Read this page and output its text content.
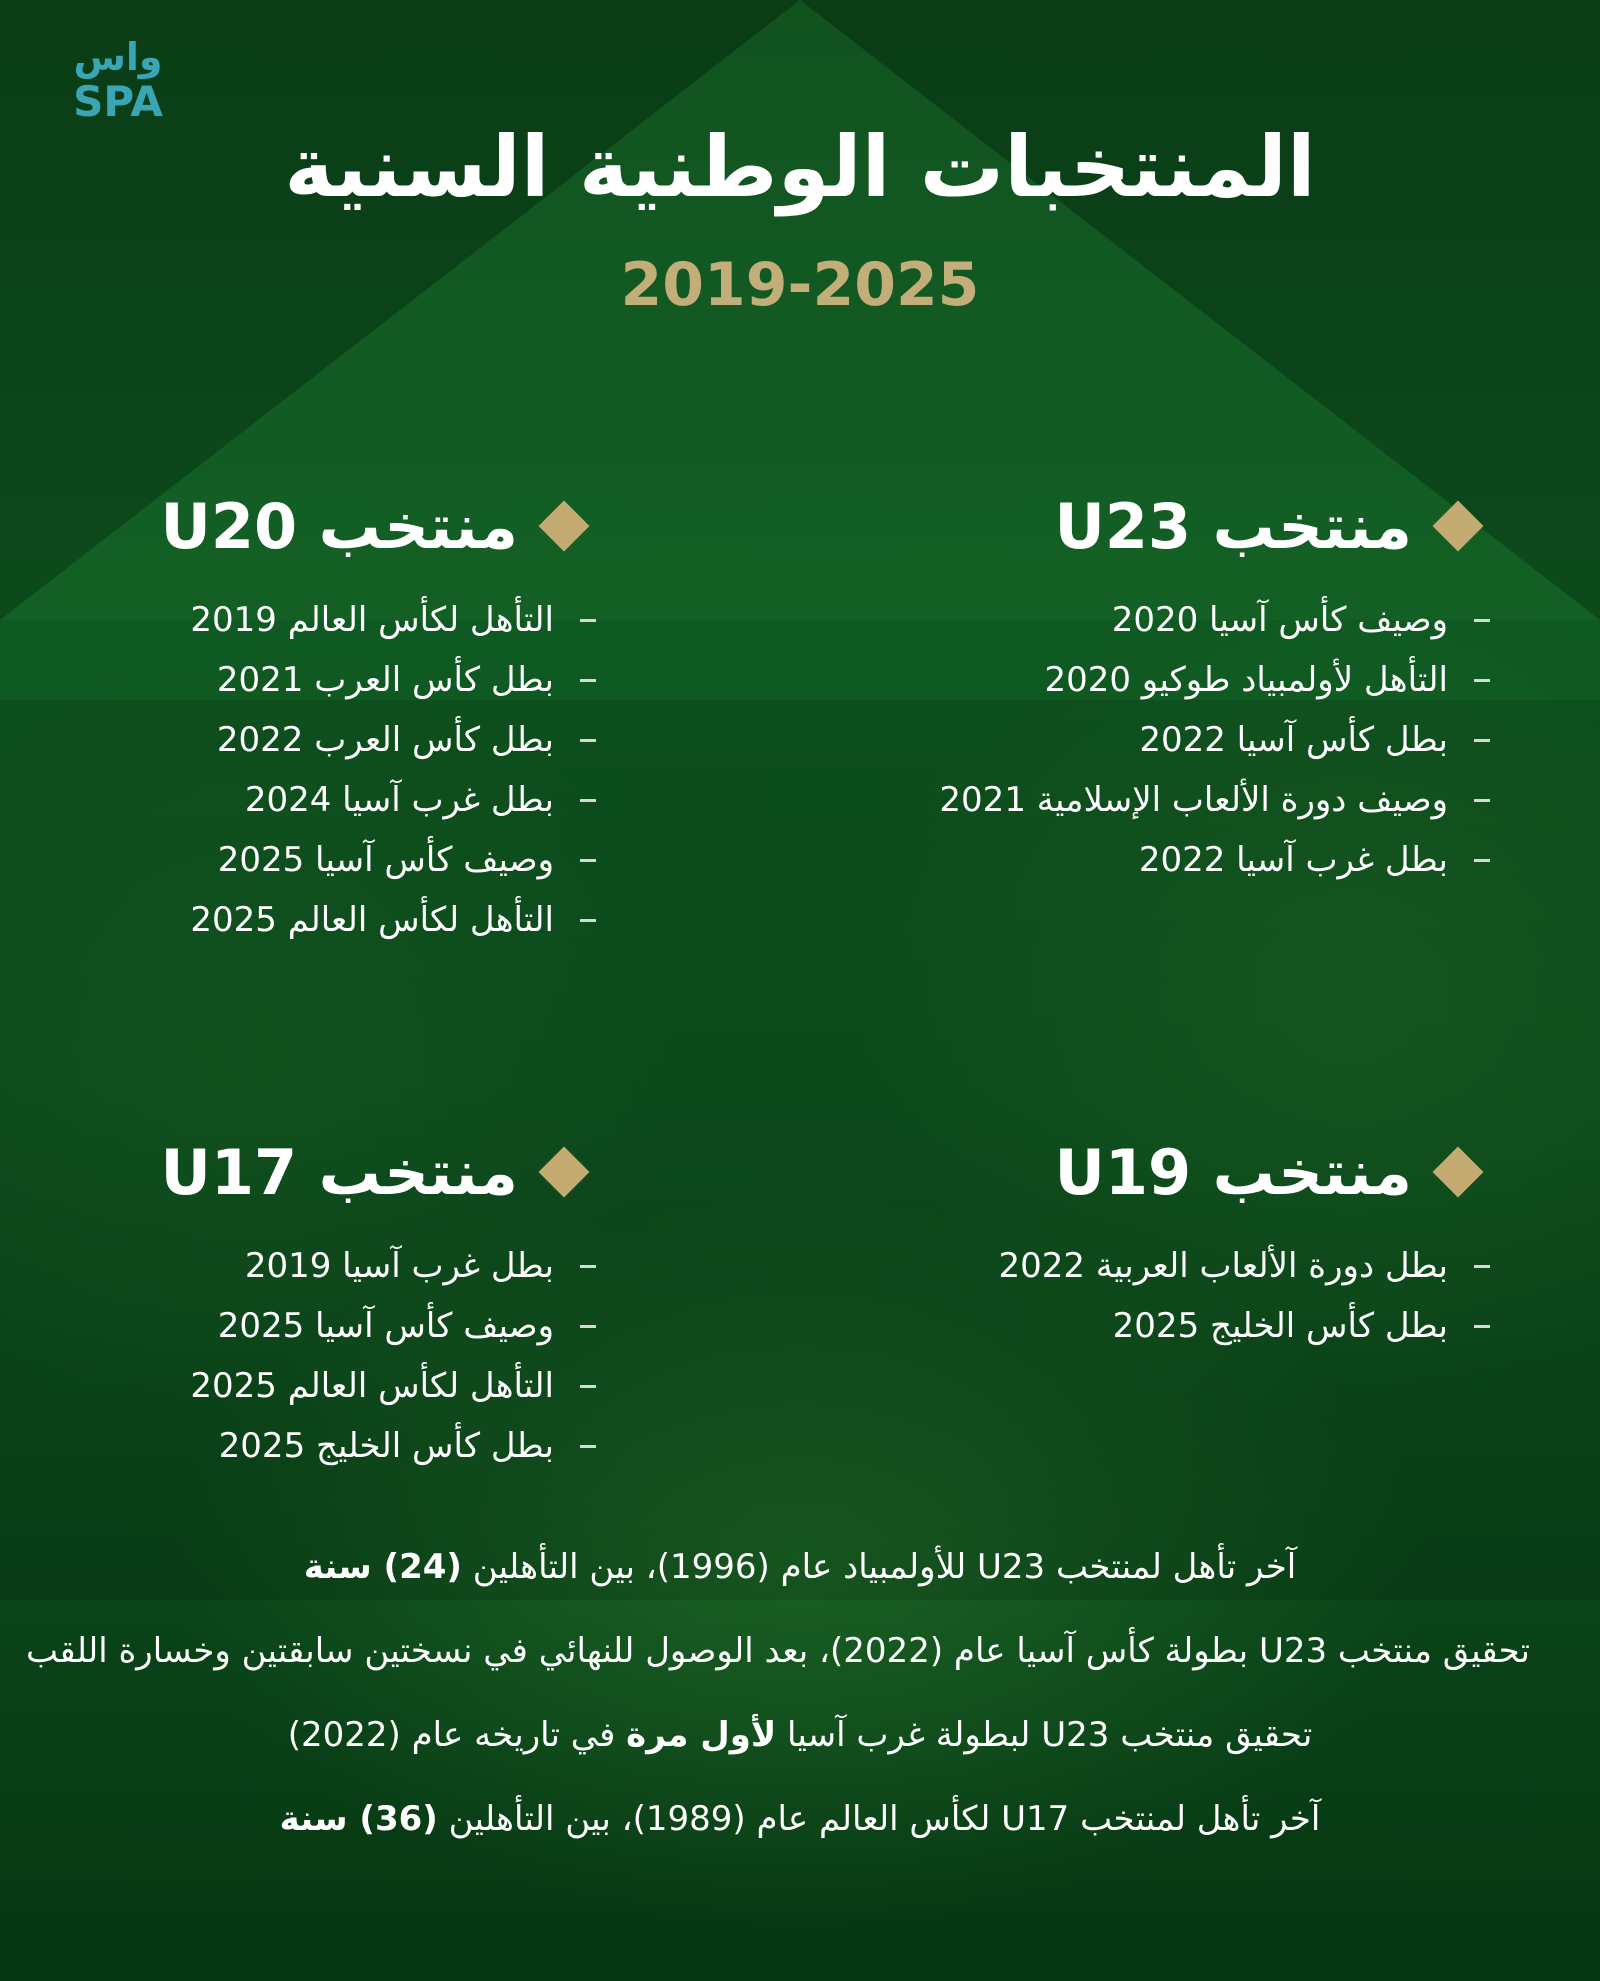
واس
SPA
المنتخبات الوطنية السنية
2019-2025
منتخب U23
وصيف كأس آسيا 2020
التأهل لأولمبياد طوكيو 2020
بطل كأس آسيا 2022
وصيف دورة الألعاب الإسلامية 2021
بطل غرب آسيا 2022
منتخب U20
التأهل لكأس العالم 2019
بطل كأس العرب 2021
بطل كأس العرب 2022
بطل غرب آسيا 2024
وصيف كأس آسيا 2025
التأهل لكأس العالم 2025
منتخب U19
بطل دورة الألعاب العربية 2022
بطل كأس الخليج 2025
منتخب U17
بطل غرب آسيا 2019
وصيف كأس آسيا 2025
التأهل لكأس العالم 2025
بطل كأس الخليج 2025
آخر تأهل لمنتخب U23 للأولمبياد عام (1996)، بين التأهلين (24) سنة
تحقيق منتخب U23 بطولة كأس آسيا عام (2022)، بعد الوصول للنهائي في نسختين سابقتين وخسارة اللقب
تحقيق منتخب U23 لبطولة غرب آسيا لأول مرة في تاريخه عام (2022)
آخر تأهل لمنتخب U17 لكأس العالم عام (1989)، بين التأهلين (36) سنة
